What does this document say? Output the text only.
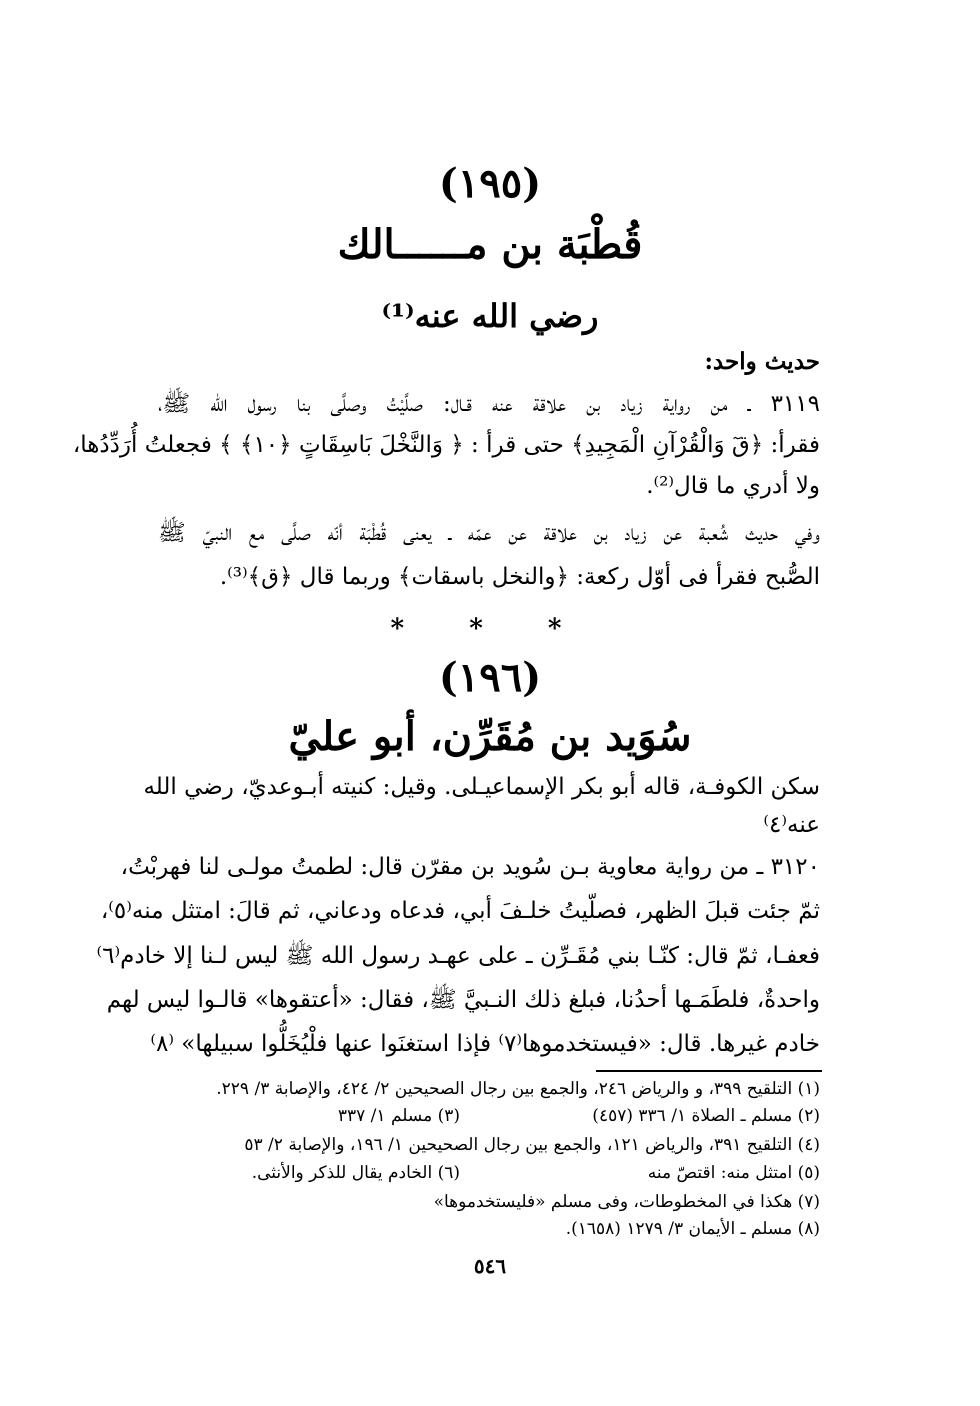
(١٩٥)
قُطْبَة بن مــــــالك
رضي الله عنه⁽¹⁾
حديث واحد:
٣١١٩ ـ من رواية زياد بن علاقة عنه قـال: صلَّيْتُ وصلَّى بنا رسول الله ﷺ،
فقرأ: ﴿قٓ وَالْقُرْآنِ الْمَجِيدِ﴾ حتى قرأ : ﴿ وَالنَّخْلَ بَاسِقَاتٍ ﴿١٠﴾ ﴾ فجعلتُ أُرَدِّدُها،
ولا أدري ما قال⁽²⁾.
وفي حديث شُعبة عن زياد بن علاقة عن عمّه ـ يعنى قُطْبَة أنّه صلَّى مع النبيّ ﷺ
الصُّبح فقرأ فى أوّل ركعة: ﴿والنخل باسقات﴾ وربما قال ﴿ق﴾⁽³⁾.
* * *
(١٩٦)
سُوَيد بن مُقَرِّن، أبو عليّ
سكن الكوفـة، قاله أبو بكر الإسماعيـلى. وقيل: كنيته أبـوعديّ، رضي الله
عنه⁽٤⁾
٣١٢٠ ـ من رواية معاوية بـن سُويد بن مقرّن قال: لطمتُ مولـى لنا فهربْتُ،
ثمّ جئت قبلَ الظهر، فصلّيتُ خلـفَ أبي، فدعاه ودعاني، ثم قالَ: امتثل منه⁽٥⁾،
فعفـا، ثمّ قال: كنّـا بني مُقَـرِّن ـ على عهـد رسول الله ﷺ ليس لـنا إلا خادم⁽٦⁾
واحدةٌ، فلطَمَـها أحدُنا، فبلغ ذلك النـبيَّ ﷺ، فقال: «أعتقوها» قالـوا ليس لهم
خادم غيرها. قال: «فيستخدموها⁽٧⁾ فإذا استغنَوا عنها فلْيُخَلُّوا سبيلها» ⁽٨⁾
(١) التلقيح ٣٩٩، و والرياض ٢٤٦، والجمع بين رجال الصحيحين ٢/ ٤٢٤، والإصابة ٣/ ٢٢٩.
(٢) مسلم ـ الصلاة ١/ ٣٣٦ (٤٥٧)(٣) مسلم ١/ ٣٣٧
(٤) التلقيح ٣٩١، والرياض ١٢١، والجمع بين رجال الصحيحين ١/ ١٩٦، والإصابة ٢/ ٥٣
(٥) امتثل منه: اقتصّ منه(٦) الخادم يقال للذكر والأنثى.
(٧) هكذا في المخطوطات، وفى مسلم «فليستخدموها»
(٨) مسلم ـ الأيمان ٣/ ١٢٧٩ (١٦٥٨).
٥٤٦
